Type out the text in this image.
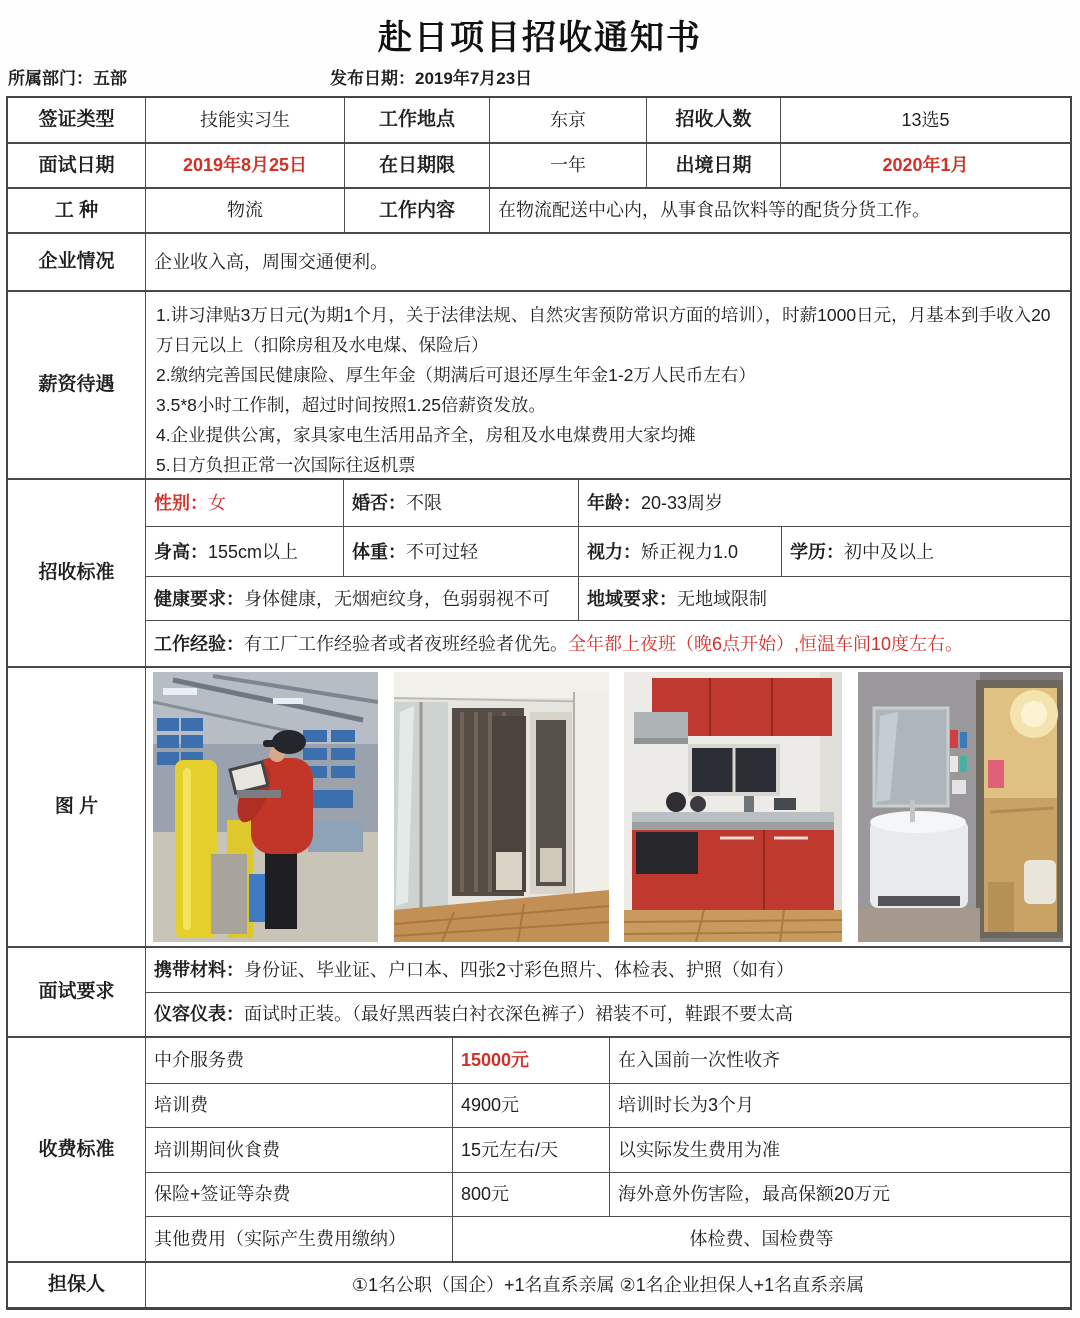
赴日项目招收通知书
所属部门：五部	发布日期：2019年7月23日
签证类型	技能实习生	工作地点	东京	招收人数	13选5
面试日期	2019年8月25日	在日期限	一年	出境日期	2020年1月
工 种	物流	工作内容	在物流配送中心内，从事食品饮料等的配货分货工作。
企业情况	企业收入高，周围交通便利。
薪资待遇
1.讲习津贴3万日元(为期1个月，关于法律法规、自然灾害预防常识方面的培训），时薪1000日元，月基本到手收入20万日元以上（扣除房租及水电煤、保险后）
2.缴纳完善国民健康险、厚生年金（期满后可退还厚生年金1-2万人民币左右）
3.5*8小时工作制，超过时间按照1.25倍薪资发放。
4.企业提供公寓，家具家电生活用品齐全，房租及水电煤费用大家均摊
5.日方负担正常一次国际往返机票
招收标准
性别： 女	婚否： 不限	年龄： 20-33周岁
身高： 155cm以上	体重： 不可过轻	视力： 矫正视力1.0	学历： 初中及以上
健康要求： 身体健康，无烟疤纹身，色弱弱视不可 地域要求： 无地域限制
工作经验： 有工厂工作经验者或者夜班经验者优先。 全年都上夜班（晚6点开始）,恒温车间10度左右。
图 片
面试要求
携带材料： 身份证、毕业证、户口本、四张2寸彩色照片、体检表、护照（如有）
仪容仪表： 面试时正装。（最好黑西装白衬衣深色裤子）裙装不可，鞋跟不要太高
收费标准
中介服务费	15000元	在入国前一次性收齐
培训费	4900元	培训时长为3个月
培训期间伙食费	15元左右/天	以实际发生费用为准
保险+签证等杂费	800元	海外意外伤害险，最高保额20万元
其他费用（实际产生费用缴纳）	体检费、国检费等
担保人	①1名公职（国企）+1名直系亲属 ②1名企业担保人+1名直系亲属
